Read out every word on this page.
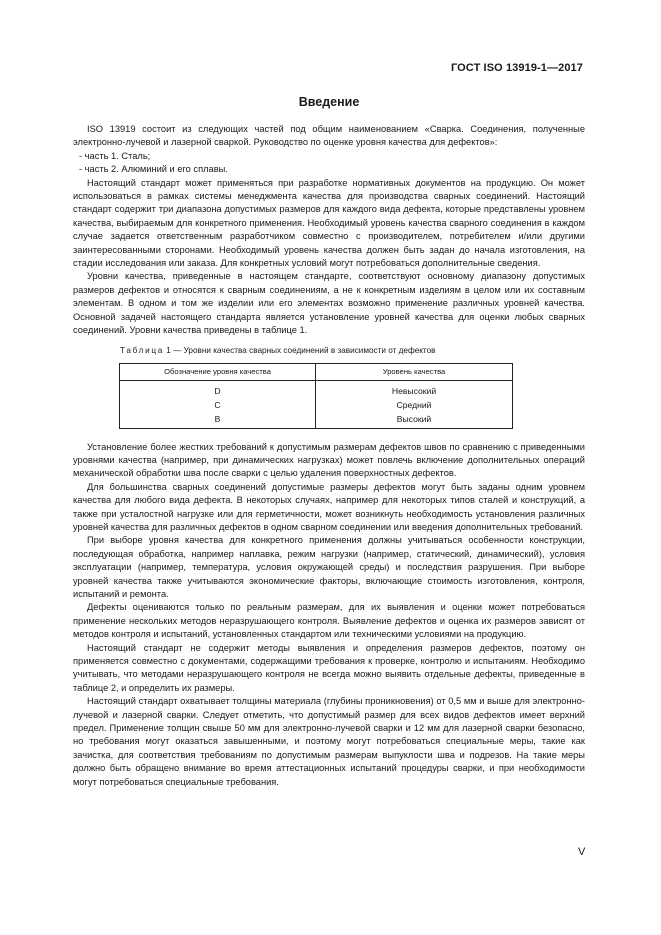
ГОСТ ISO 13919-1—2017
Введение

ISO 13919 состоит из следующих частей под общим наименованием «Сварка. Соединения, полученные электронно-лучевой и лазерной сваркой. Руководство по оценке уровня качества для дефектов»:

- часть 1. Сталь;

- часть 2. Алюминий и его сплавы.

Настоящий стандарт может применяться при разработке нормативных документов на продукцию. Он может использоваться в рамках системы менеджмента качества для производства сварных соединений. Настоящий стандарт содержит три диапазона допустимых размеров для каждого вида дефекта, которые представлены уровнем качества, выбираемым для конкретного применения. Необходимый уровень качества сварного соединения в каждом случае задается ответственным разработчиком совместно с производителем, потребителем и/или другими заинтересованными сторонами. Необходимый уровень качества должен быть задан до начала изготовления, на стадии исследования или заказа. Для конкретных условий могут потребоваться дополнительные сведения.

Уровни качества, приведенные в настоящем стандарте, соответствуют основному диапазону допустимых размеров дефектов и относятся к сварным соединениям, а не к конкретным изделиям в целом или их составным элементам. В одном и том же изделии или его элементах возможно применение различных уровней качества. Основной задачей настоящего стандарта является установление уровней качества для оценки любых сварных соединений. Уровни качества приведены в таблице 1.

Таблица 1 — Уровни качества сварных соединений в зависимости от дефектов
Обозначение уровня качества	Уровень качества
D	Невысокий
C	Средний
B	Высокий

Установление более жестких требований к допустимым размерам дефектов швов по сравнению с приведенными уровнями качества (например, при динамических нагрузках) может повлечь включение дополнительных операций механической обработки шва после сварки с целью удаления поверхностных дефектов.

Для большинства сварных соединений допустимые размеры дефектов могут быть заданы одним уровнем качества для любого вида дефекта. В некоторых случаях, например для некоторых типов сталей и конструкций, а также при усталостной нагрузке или для герметичности, может возникнуть необходимость установления различных уровней качества для различных дефектов в одном сварном соединении или введения дополнительных требований.

При выборе уровня качества для конкретного применения должны учитываться особенности конструкции, последующая обработка, например наплавка, режим нагрузки (например, статический, динамический), условия эксплуатации (например, температура, условия окружающей среды) и последствия разрушения. При выборе уровней качества также учитываются экономические факторы, включающие стоимость изготовления, контроля, испытаний и ремонта.

Дефекты оцениваются только по реальным размерам, для их выявления и оценки может потребоваться применение нескольких методов неразрушающего контроля. Выявление дефектов и оценка их размеров зависят от методов контроля и испытаний, установленных стандартом или техническими условиями на продукцию.

Настоящий стандарт не содержит методы выявления и определения размеров дефектов, поэтому он применяется совместно с документами, содержащими требования к проверке, контролю и испытаниям. Необходимо учитывать, что методами неразрушающего контроля не всегда можно выявить отдельные дефекты, приведенные в таблице 2, и определить их размеры.

Настоящий стандарт охватывает толщины материала (глубины проникновения) от 0,5 мм и выше для электронно-лучевой и лазерной сварки. Следует отметить, что допустимый размер для всех видов дефектов имеет верхний предел. Применение толщин свыше 50 мм для электронно-лучевой сварки и 12 мм для лазерной сварки безопасно, но требования могут оказаться завышенными, и поэтому могут потребоваться специальные меры, такие как зачистка, для соответствия требованиям по допустимым размерам выпуклости шва и подрезов. На такие меры должно быть обращено внимание во время аттестационных испытаний процедуры сварки, и при необходимости могут потребоваться специальные требования.

V
